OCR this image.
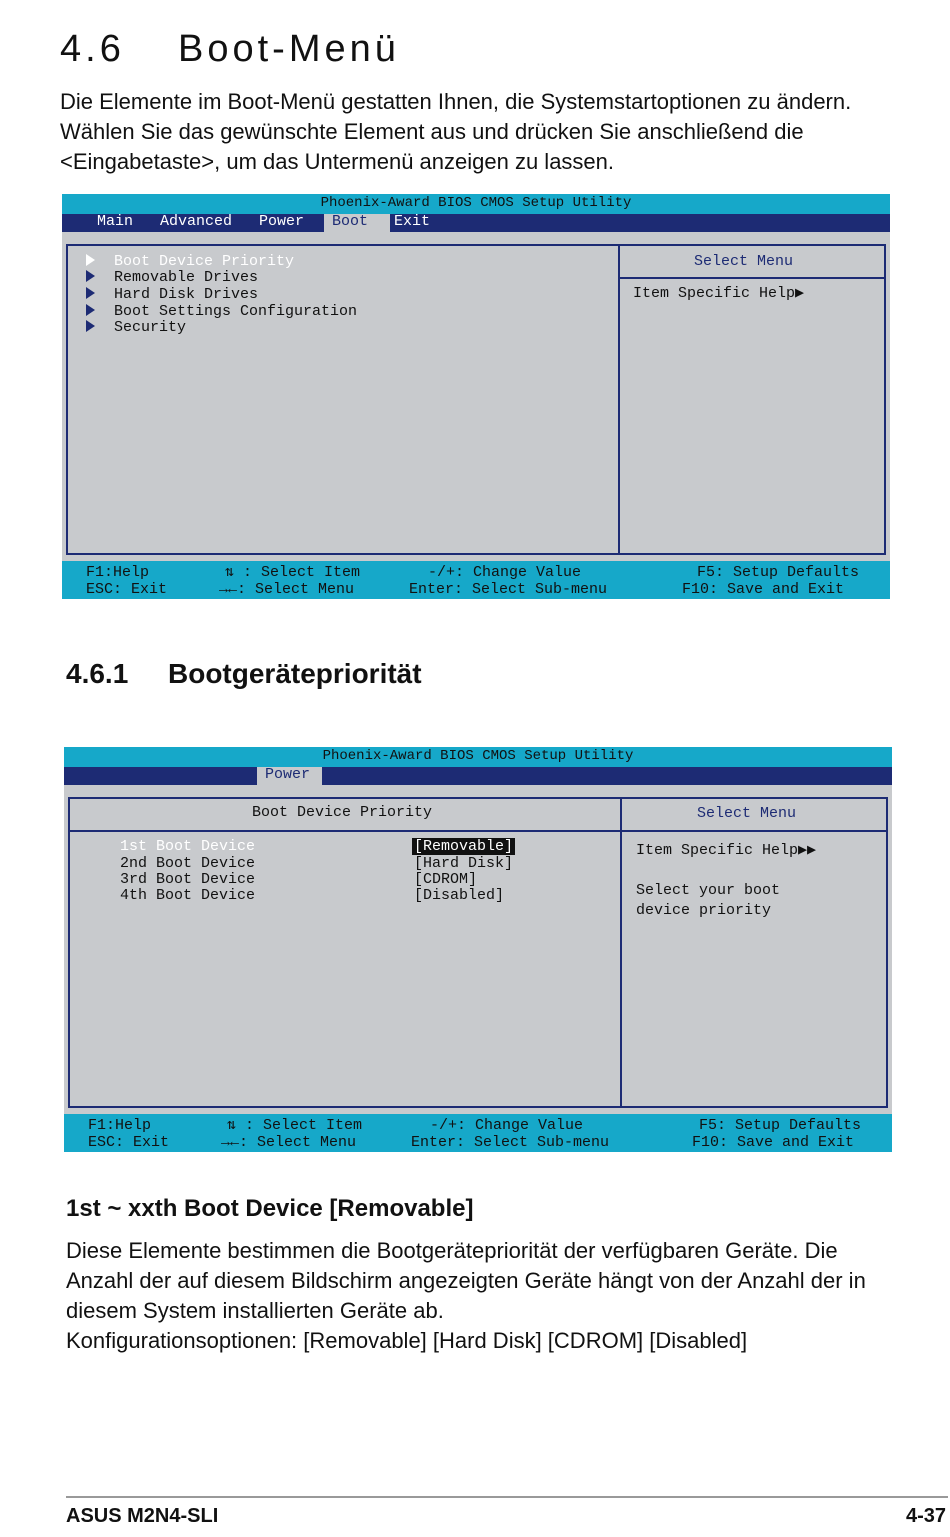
4.6 Boot-Menü

Die Elemente im Boot-Menü gestatten Ihnen, die Systemstartoptionen zu ändern.

Wählen Sie das gewünschte Element aus und drücken Sie anschließend die

<Eingabetaste>, um das Untermenü anzeigen zu lassen.

Phoenix-Award BIOS CMOS Setup Utility
Main	Advanced	Power	Boot	Exit
Boot Device Priority
Removable Drives
Hard Disk Drives
Boot Settings Configuration
Security
Select Menu
Item Specific Help▶
F1:Help
ESC: Exit
⇅ : Select Item
→←: Select Menu
-/+: Change Value
Enter: Select Sub-menu
F5: Setup Defaults
F10: Save and Exit
4.6.1 Bootgerätepriorität
Phoenix-Award BIOS CMOS Setup Utility
Power
Boot Device Priority	Select Menu
1st Boot Device	[Removable]
2nd Boot Device	[Hard Disk]
3rd Boot Device	[CDROM]
4th Boot Device	[Disabled]
Item Specific Help▶▶
Select your boot
device priority
F1:Help
ESC: Exit
⇅ : Select Item
→←: Select Menu
-/+: Change Value
Enter: Select Sub-menu
F5: Setup Defaults
F10: Save and Exit
1st ~ xxth Boot Device [Removable]

Diese Elemente bestimmen die Bootgerätepriorität der verfügbaren Geräte. Die

Anzahl der auf diesem Bildschirm angezeigten Geräte hängt von der Anzahl der in

diesem System installierten Geräte ab.

Konfigurationsoptionen: [Removable] [Hard Disk] [CDROM] [Disabled]

ASUS M2N4-SLI	4-37
